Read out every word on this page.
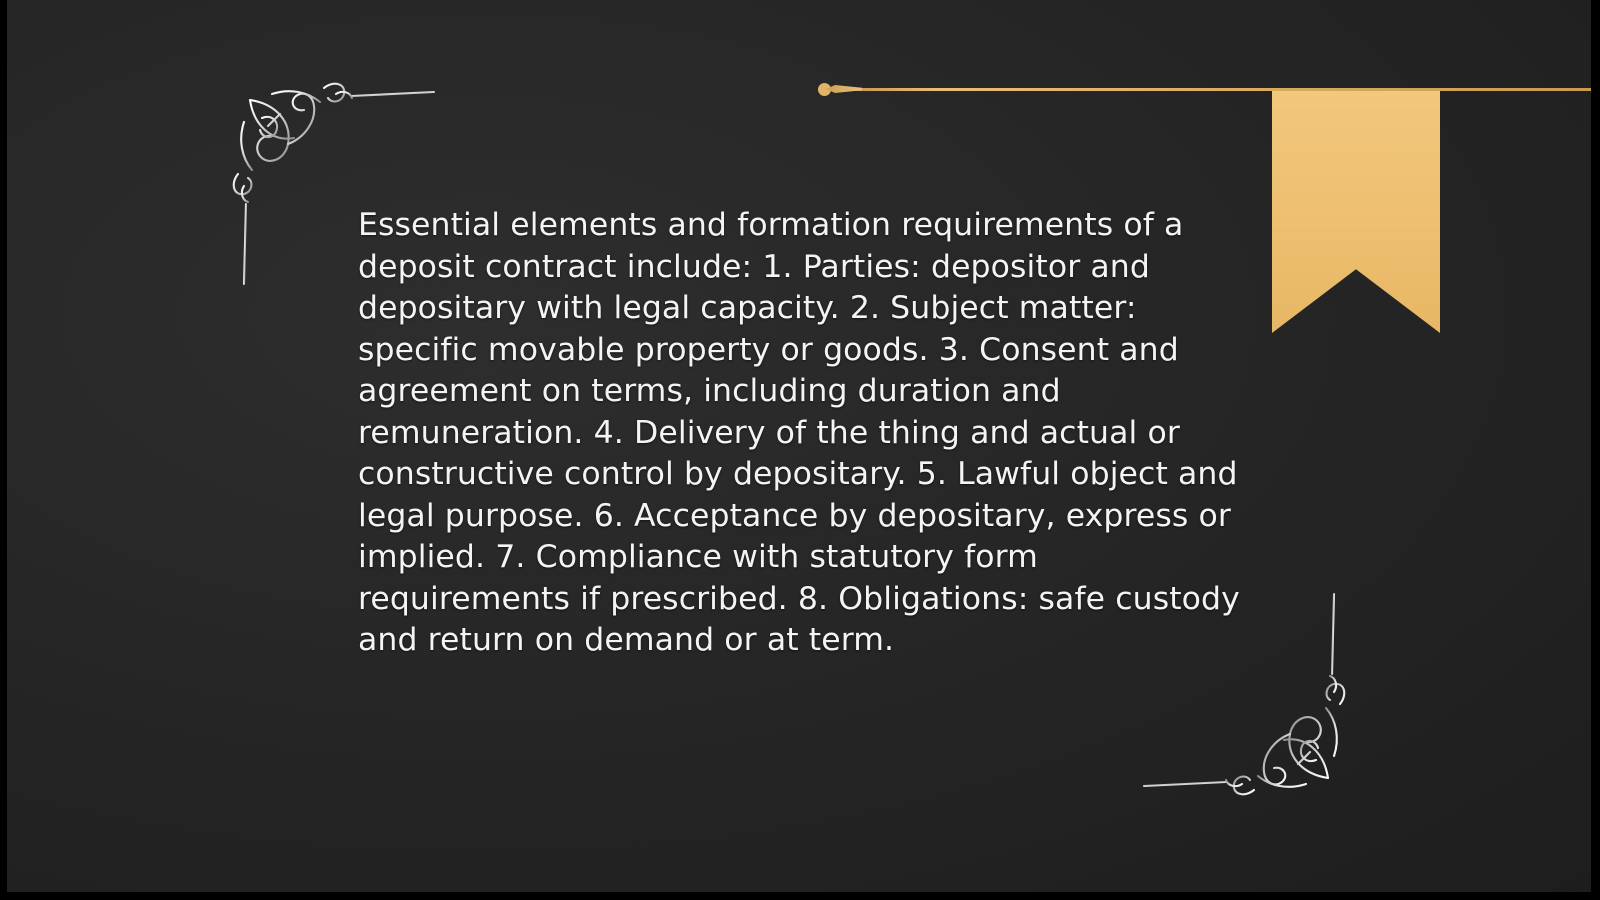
Essential elements and formation requirements of a deposit contract include: 1. Parties: depositor and depositary with legal capacity. 2. Subject matter: specific movable property or goods. 3. Consent and agreement on terms, including duration and remuneration. 4. Delivery of the thing and actual or constructive control by depositary. 5. Lawful object and legal purpose. 6. Acceptance by depositary, express or implied. 7. Compliance with statutory form requirements if prescribed. 8. Obligations: safe custody and return on demand or at term.
